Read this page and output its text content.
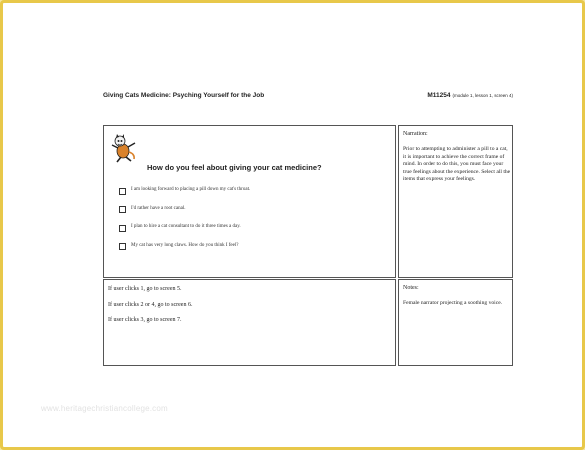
Giving Cats Medicine: Psyching Yourself for the Job	M11254 (module 1, lesson 1, screen 4)
How do you feel about giving your cat medicine?
I am looking forward to placing a pill down my cat's throat.
I'd rather have a root canal.
I plan to hire a cat consultant to do it three times a day.
My cat has very long claws. How do you think I feel?
Narration:
Prior to attempting to administer a pill to a cat, it is important to achieve the correct frame of mind. In order to do this, you must face your true feelings about the experience. Select all the items that express your feelings.
If user clicks 1, go to screen 5.
If user clicks 2 or 4, go to screen 6.
If user clicks 3, go to screen 7.
Notes:
Female narrator projecting a soothing voice.
www.heritagechristiancollege.com
